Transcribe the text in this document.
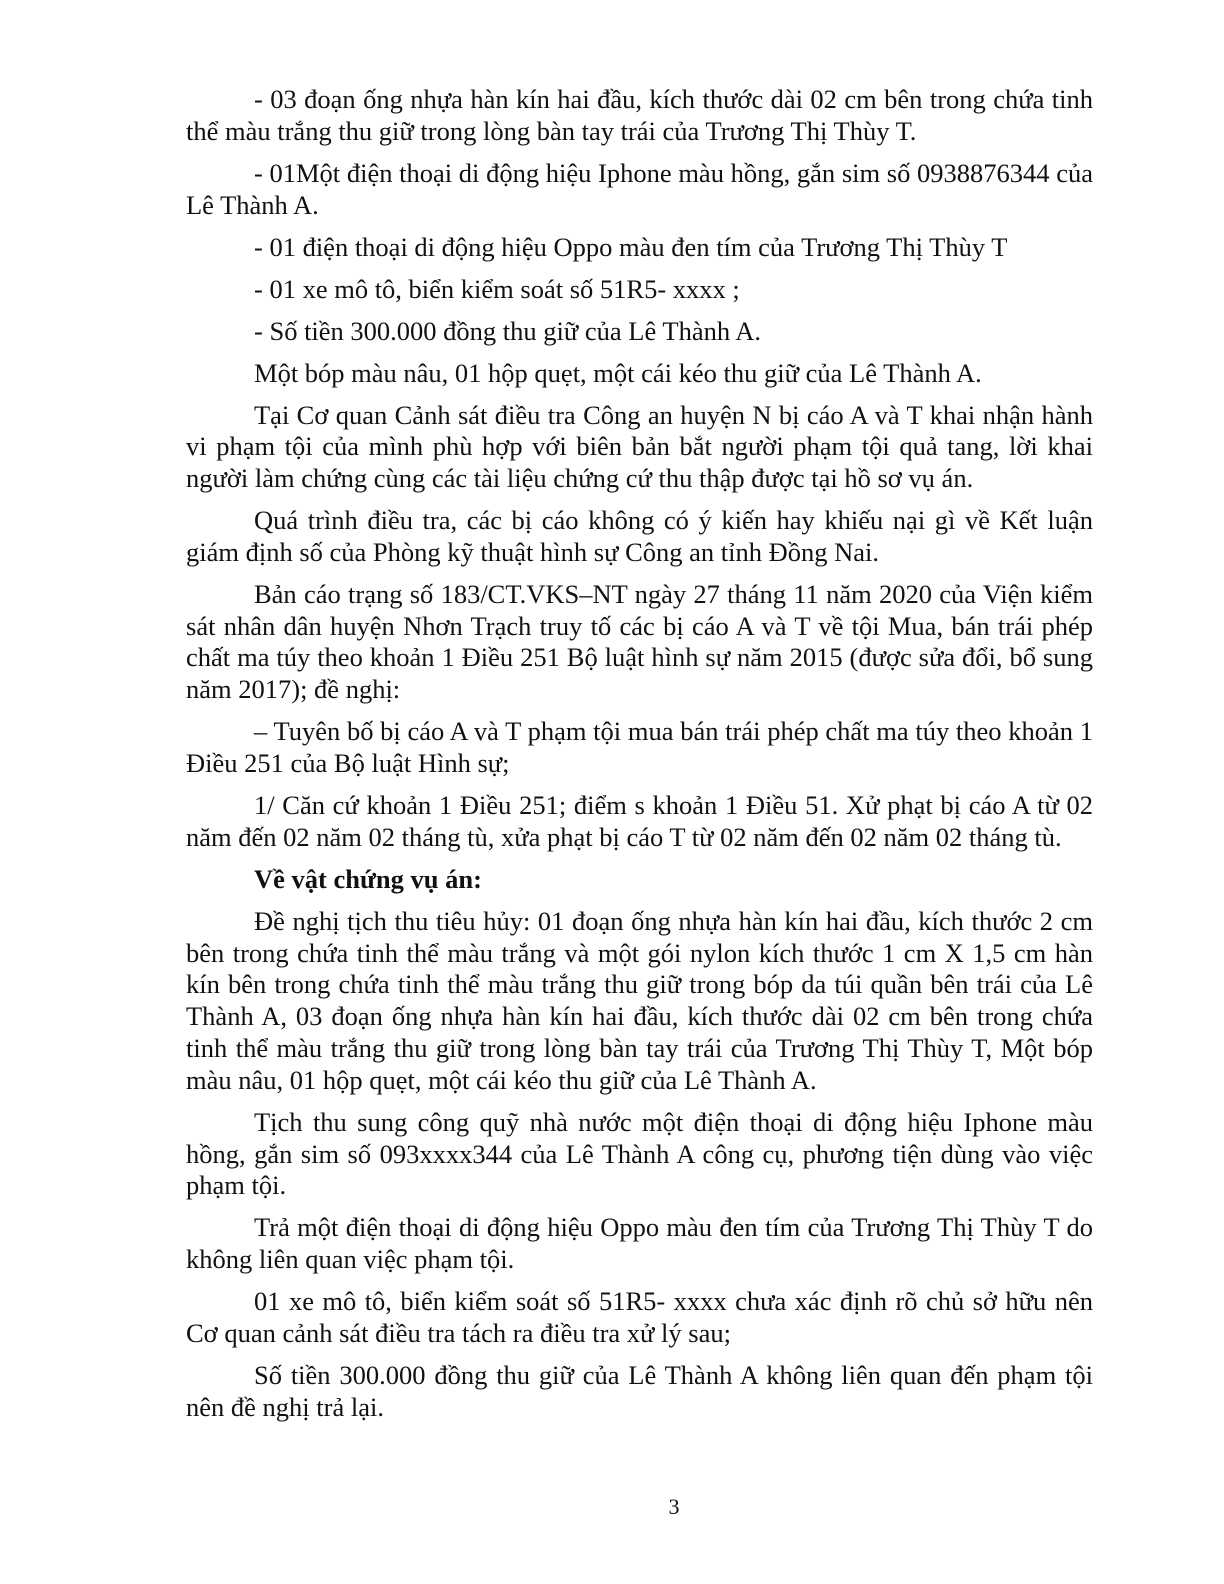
- 03 đoạn ống nhựa hàn kín hai đầu, kích thước dài 02 cm bên trong chứa tinh thể màu trắng thu giữ trong lòng bàn tay trái của Trương Thị Thùy T.

- 01Một điện thoại di động hiệu Iphone màu hồng, gắn sim số 0938876344 của Lê Thành A.

- 01 điện thoại di động hiệu Oppo màu đen tím của Trương Thị Thùy T

- 01 xe mô tô, biển kiểm soát số 51R5- xxxx ;

- Số tiền 300.000 đồng thu giữ của Lê Thành A.

Một bóp màu nâu, 01 hộp quẹt, một cái kéo thu giữ của Lê Thành A.

Tại Cơ quan Cảnh sát điều tra Công an huyện N bị cáo A và T khai nhận hành vi phạm tội của mình phù hợp với biên bản bắt người phạm tội quả tang, lời khai người làm chứng cùng các tài liệu chứng cứ thu thập được tại hồ sơ vụ án.

Quá trình điều tra, các bị cáo không có ý kiến hay khiếu nại gì về Kết luận giám định số của Phòng kỹ thuật hình sự Công an tỉnh Đồng Nai.

Bản cáo trạng số 183/CT.VKS–NT ngày 27 tháng 11 năm 2020 của Viện kiểm sát nhân dân huyện Nhơn Trạch truy tố các bị cáo A và T về tội Mua, bán trái phép chất ma túy theo khoản 1 Điều 251 Bộ luật hình sự năm 2015 (được sửa đổi, bổ sung năm 2017); đề nghị:

– Tuyên bố bị cáo A và T phạm tội mua bán trái phép chất ma túy theo khoản 1 Điều 251 của Bộ luật Hình sự;

1/ Căn cứ khoản 1 Điều 251; điểm s khoản 1 Điều 51. Xử phạt bị cáo A từ 02 năm đến 02 năm 02 tháng tù, xửa phạt bị cáo T từ 02 năm đến 02 năm 02 tháng tù.

Về vật chứng vụ án:

Đề nghị tịch thu tiêu hủy: 01 đoạn ống nhựa hàn kín hai đầu, kích thước 2 cm bên trong chứa tinh thể màu trắng và một gói nylon kích thước 1 cm X 1,5 cm hàn kín bên trong chứa tinh thể màu trắng thu giữ trong bóp da túi quần bên trái của Lê Thành A, 03 đoạn ống nhựa hàn kín hai đầu, kích thước dài 02 cm bên trong chứa tinh thể màu trắng thu giữ trong lòng bàn tay trái của Trương Thị Thùy T, Một bóp màu nâu, 01 hộp quẹt, một cái kéo thu giữ của Lê Thành A.

Tịch thu sung công quỹ nhà nước một điện thoại di động hiệu Iphone màu hồng, gắn sim số 093xxxx344 của Lê Thành A công cụ, phương tiện dùng vào việc phạm tội.

Trả một điện thoại di động hiệu Oppo màu đen tím của Trương Thị Thùy T do không liên quan việc phạm tội.

01 xe mô tô, biển kiểm soát số 51R5- xxxx chưa xác định rõ chủ sở hữu nên Cơ quan cảnh sát điều tra tách ra điều tra xử lý sau;

Số tiền 300.000 đồng thu giữ của Lê Thành A không liên quan đến phạm tội nên đề nghị trả lại.

3
